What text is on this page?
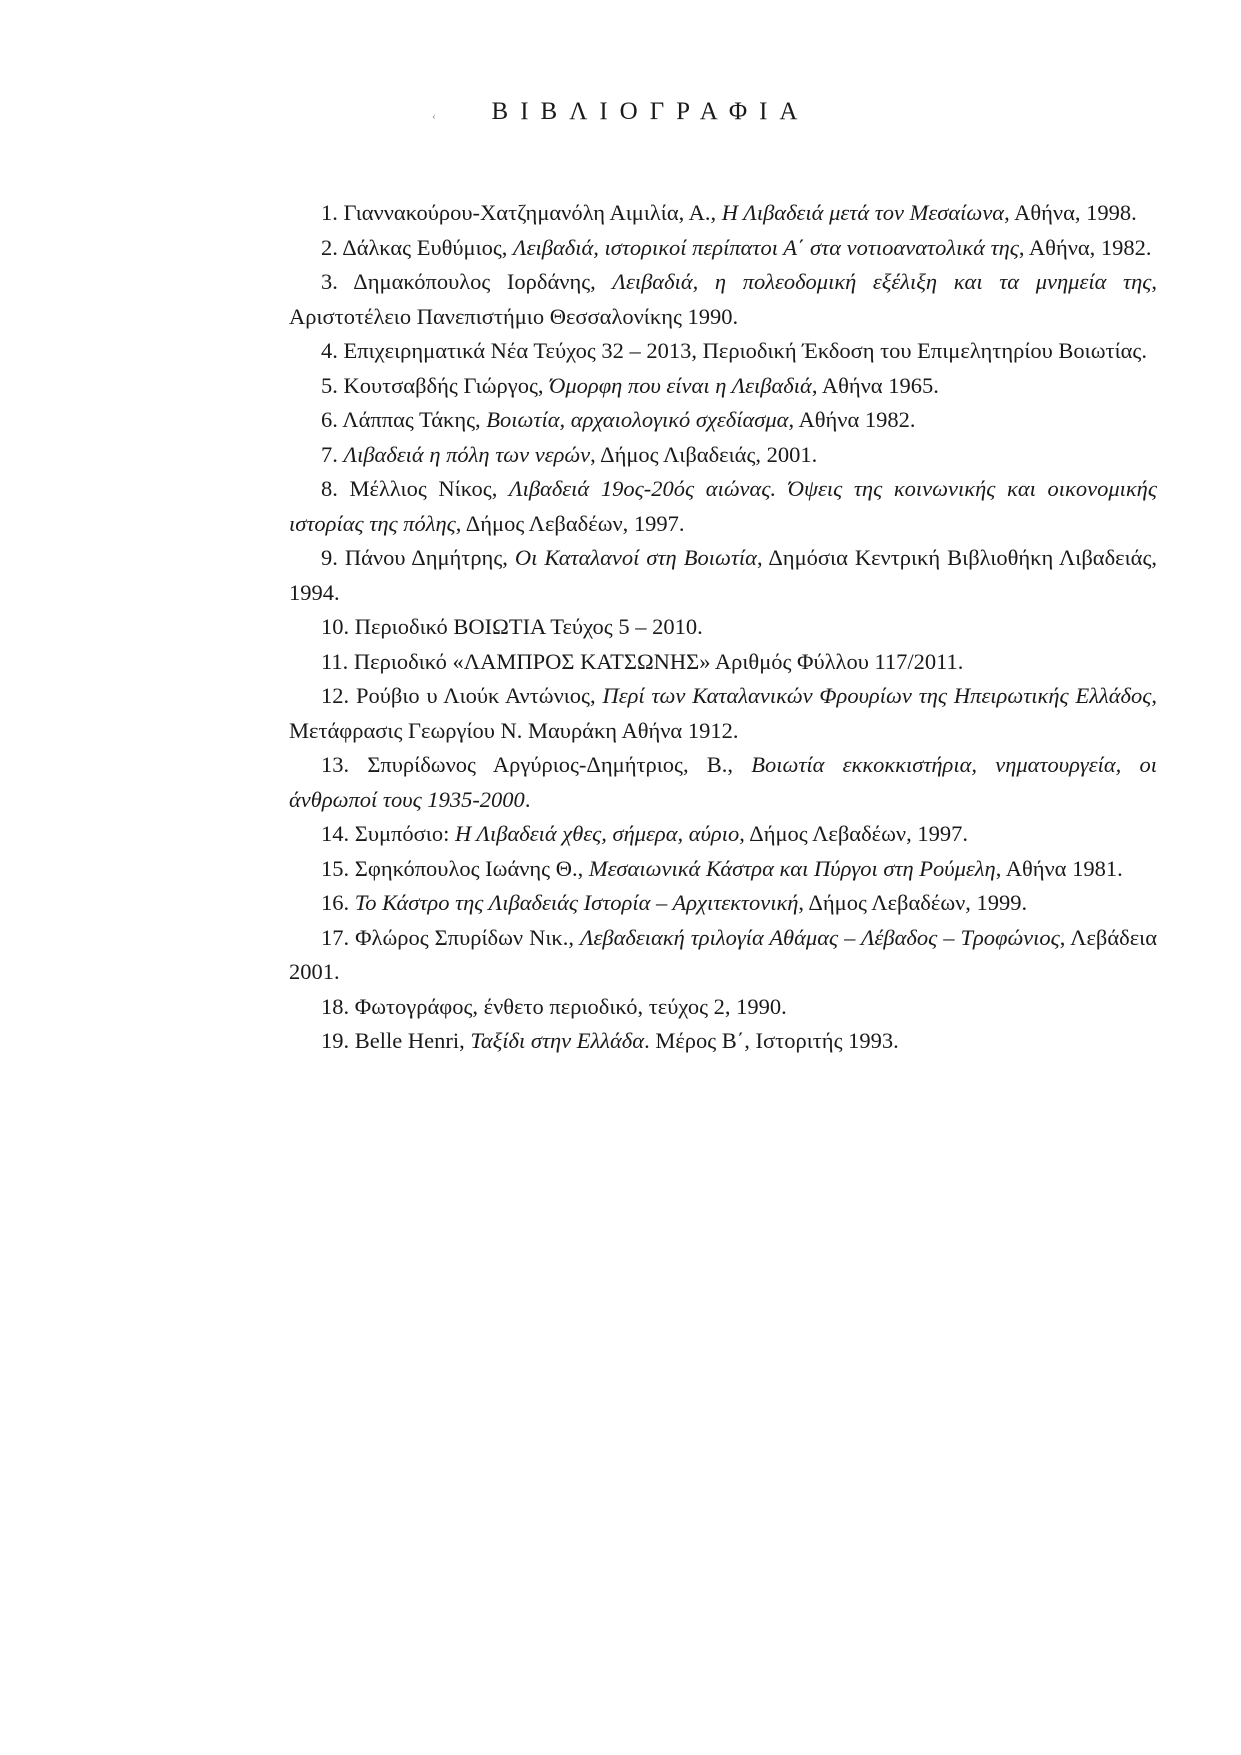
ΒΙΒΛΙΟΓΡΑΦΙΑ

1. Γιαννακούρου-Χατζημανόλη Αιμιλία, Α., Η Λιβαδειά μετά τον Μεσαίωνα, Αθήνα, 1998.

2. Δάλκας Ευθύμιος, Λειβαδιά, ιστορικοί περίπατοι Α΄ στα νοτιοανατολικά της, Αθήνα, 1982.

3. Δημακόπουλος Ιορδάνης, Λειβαδιά, η πολεοδομική εξέλιξη και τα μνημεία της, Αριστοτέλειο Πανεπιστήμιο Θεσσαλονίκης 1990.

4. Επιχειρηματικά Νέα Τεύχος 32 – 2013, Περιοδική Έκδοση του Επιμελητηρίου Βοιωτίας.

5. Κουτσαβδής Γιώργος, Όμορφη που είναι η Λειβαδιά, Αθήνα 1965.

6. Λάππας Τάκης, Βοιωτία, αρχαιολογικό σχεδίασμα, Αθήνα 1982.

7. Λιβαδειά η πόλη των νερών, Δήμος Λιβαδειάς, 2001.

8. Μέλλιος Νίκος, Λιβαδειά 19ος-20ός αιώνας. Όψεις της κοινωνικής και οικονομικής ιστορίας της πόλης, Δήμος Λεβαδέων, 1997.

9. Πάνου Δημήτρης, Οι Καταλανοί στη Βοιωτία, Δημόσια Κεντρική Βιβλιοθήκη Λιβαδειάς, 1994.

10. Περιοδικό ΒΟΙΩΤΙΑ Τεύχος 5 – 2010.

11. Περιοδικό «ΛΑΜΠΡΟΣ ΚΑΤΣΩΝΗΣ» Αριθμός Φύλλου 117/2011.

12. Ρούβιο υ Λιούκ Αντώνιος, Περί των Καταλανικών Φρουρίων της Ηπειρωτικής Ελλάδος, Μετάφρασις Γεωργίου Ν. Μαυράκη Αθήνα 1912.

13. Σπυρίδωνος Αργύριος-Δημήτριος, Β., Βοιωτία εκκοκκιστήρια, νηματουργεία, οι άνθρωποί τους 1935-2000.

14. Συμπόσιο: Η Λιβαδειά χθες, σήμερα, αύριο, Δήμος Λεβαδέων, 1997.

15. Σφηκόπουλος Ιωάνης Θ., Μεσαιωνικά Κάστρα και Πύργοι στη Ρούμελη, Αθήνα 1981.

16. Το Κάστρο της Λιβαδειάς Ιστορία – Αρχιτεκτονική, Δήμος Λεβαδέων, 1999.

17. Φλώρος Σπυρίδων Νικ., Λεβαδειακή τριλογία Αθάμας – Λέβαδος – Τροφώνιος, Λεβάδεια 2001.

18. Φωτογράφος, ένθετο περιοδικό, τεύχος 2, 1990.

19. Belle Henri, Ταξίδι στην Ελλάδα. Μέρος Β΄, Ιστοριτής 1993.

‹
